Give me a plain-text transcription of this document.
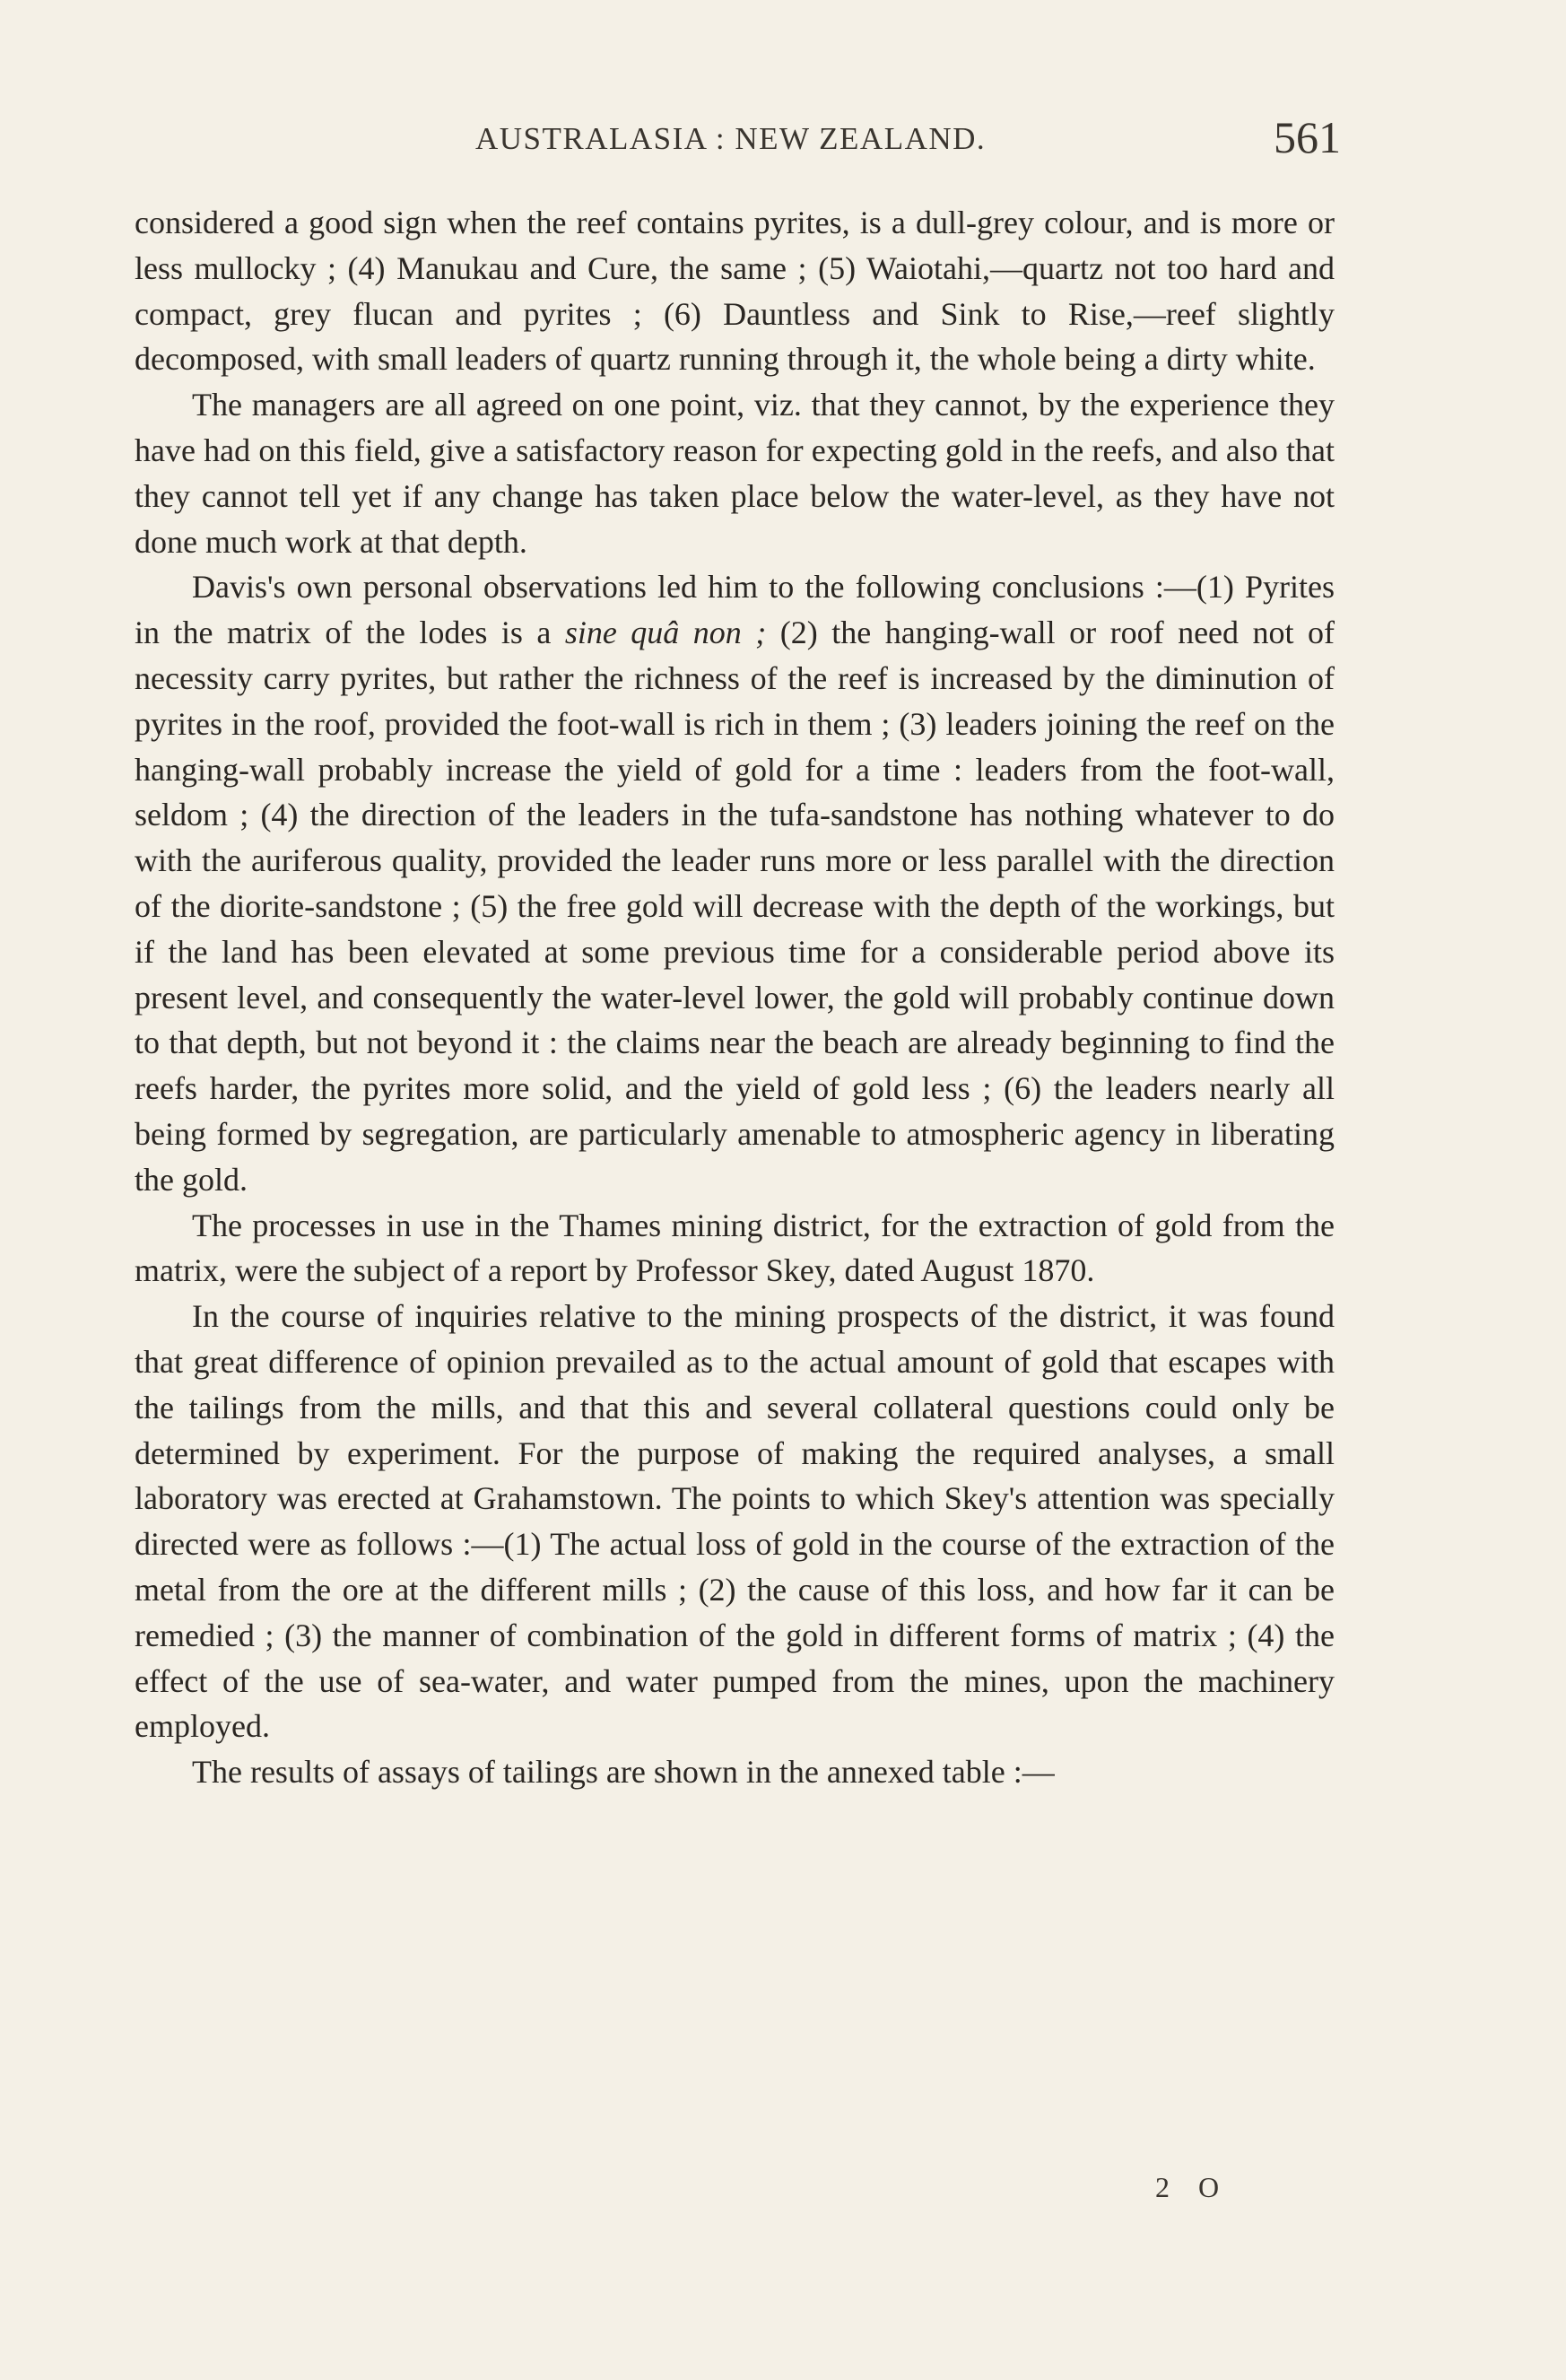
AUSTRALASIA : NEW ZEALAND.	561

considered a good sign when the reef contains pyrites, is a dull-grey colour, and is more or less mullocky ; (4) Manukau and Cure, the same ; (5) Waiotahi,—quartz not too hard and compact, grey flucan and pyrites ; (6) Dauntless and Sink to Rise,—reef slightly decomposed, with small leaders of quartz running through it, the whole being a dirty white.

The managers are all agreed on one point, viz. that they cannot, by the experience they have had on this field, give a satisfactory reason for expecting gold in the reefs, and also that they cannot tell yet if any change has taken place below the water-level, as they have not done much work at that depth.

Davis's own personal observations led him to the following conclusions :—(1) Pyrites in the matrix of the lodes is a sine quâ non ; (2) the hanging-wall or roof need not of necessity carry pyrites, but rather the richness of the reef is increased by the diminution of pyrites in the roof, provided the foot-wall is rich in them ; (3) leaders joining the reef on the hanging-wall probably increase the yield of gold for a time : leaders from the foot-wall, seldom ; (4) the direction of the leaders in the tufa-sandstone has nothing whatever to do with the auriferous quality, provided the leader runs more or less parallel with the direction of the diorite-sandstone ; (5) the free gold will decrease with the depth of the workings, but if the land has been elevated at some previous time for a considerable period above its present level, and consequently the water-level lower, the gold will probably continue down to that depth, but not beyond it : the claims near the beach are already beginning to find the reefs harder, the pyrites more solid, and the yield of gold less ; (6) the leaders nearly all being formed by segregation, are particularly amenable to atmospheric agency in liberating the gold.

The processes in use in the Thames mining district, for the extraction of gold from the matrix, were the subject of a report by Professor Skey, dated August 1870.

In the course of inquiries relative to the mining prospects of the district, it was found that great difference of opinion prevailed as to the actual amount of gold that escapes with the tailings from the mills, and that this and several collateral questions could only be determined by experiment. For the purpose of making the required analyses, a small laboratory was erected at Grahamstown. The points to which Skey's attention was specially directed were as follows :—(1) The actual loss of gold in the course of the extraction of the metal from the ore at the different mills ; (2) the cause of this loss, and how far it can be remedied ; (3) the manner of combination of the gold in different forms of matrix ; (4) the effect of the use of sea-water, and water pumped from the mines, upon the machinery employed.

The results of assays of tailings are shown in the annexed table :—

2 O
